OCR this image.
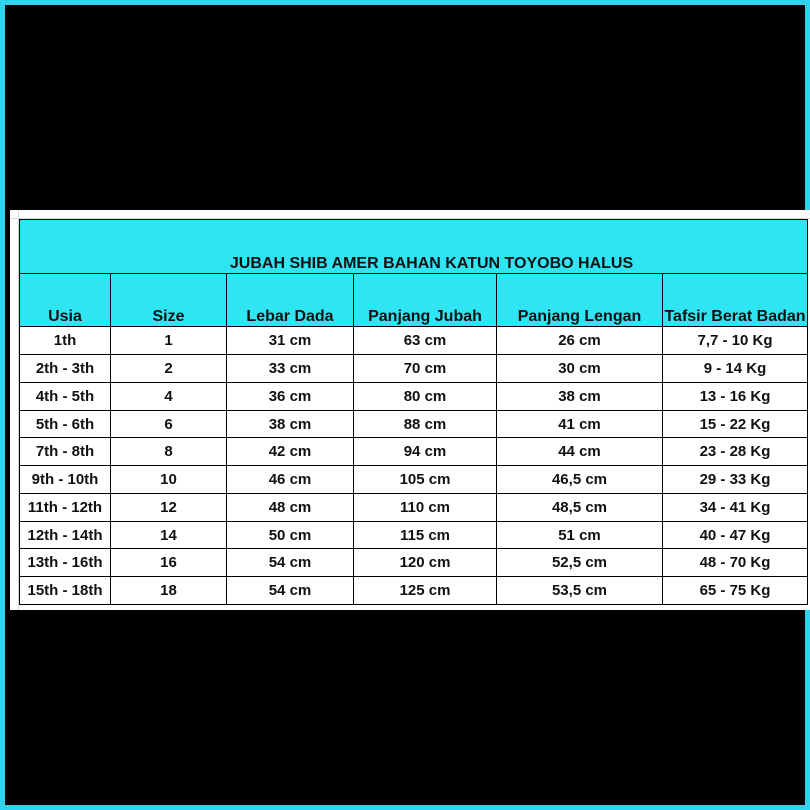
JUBAH SHIB AMER BAHAN KATUN TOYOBO HALUS					
Usia	Size	Lebar Dada	Panjang Jubah	Panjang Lengan	Tafsir Berat Badan
1th	1	31 cm	63 cm	26 cm	7,7 - 10 Kg
2th - 3th	2	33 cm	70 cm	30 cm	9 - 14 Kg
4th - 5th	4	36 cm	80 cm	38 cm	13 - 16 Kg
5th - 6th	6	38 cm	88 cm	41 cm	15 - 22 Kg
7th - 8th	8	42 cm	94 cm	44 cm	23 - 28 Kg
9th - 10th	10	46 cm	105 cm	46,5 cm	29 - 33 Kg
11th - 12th	12	48 cm	110 cm	48,5 cm	34 - 41 Kg
12th - 14th	14	50 cm	115 cm	51 cm	40 - 47 Kg
13th - 16th	16	54 cm	120 cm	52,5 cm	48 - 70 Kg
15th - 18th	18	54 cm	125 cm	53,5 cm	65 - 75 Kg
